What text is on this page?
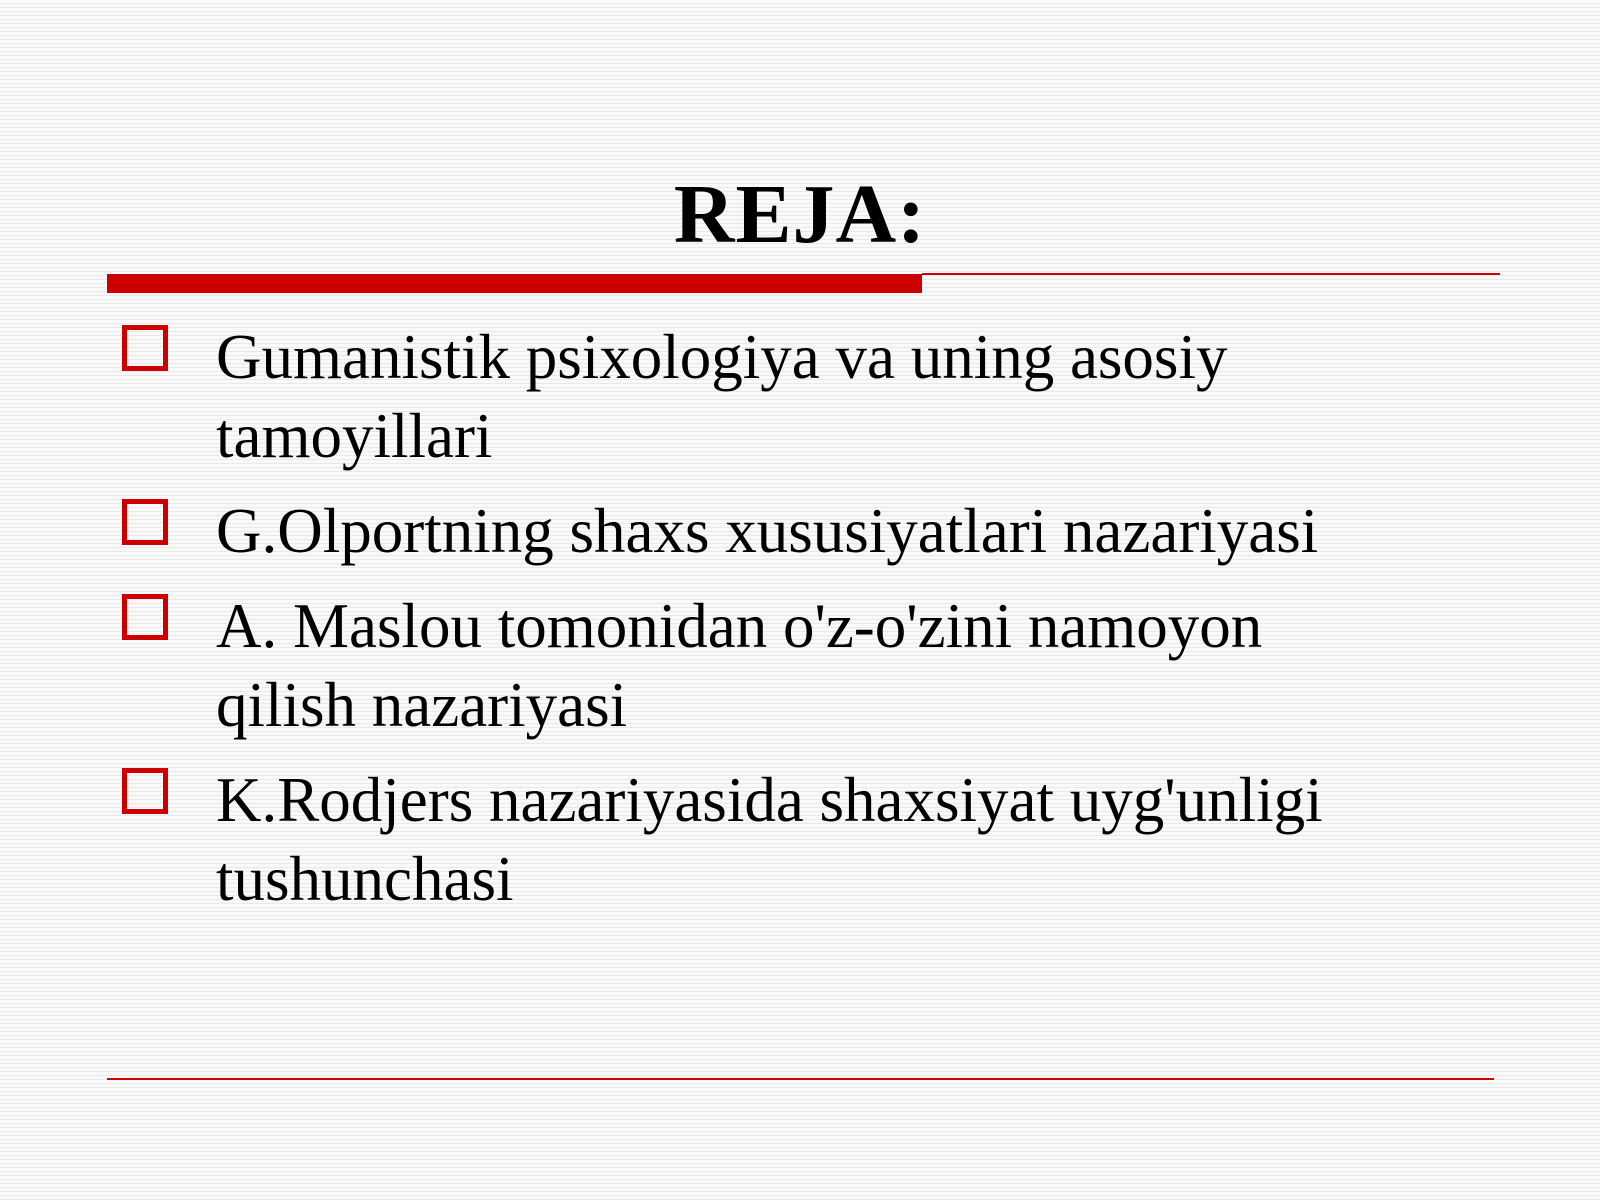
REJA:
Gumanistik psixologiya va uning asosiy tamoyillari
G.Olportning shaxs xususiyatlari nazariyasi
A. Maslou tomonidan o'z-o'zini namoyon qilish nazariyasi
K.Rodjers nazariyasida shaxsiyat uyg'unligi tushunchasi
